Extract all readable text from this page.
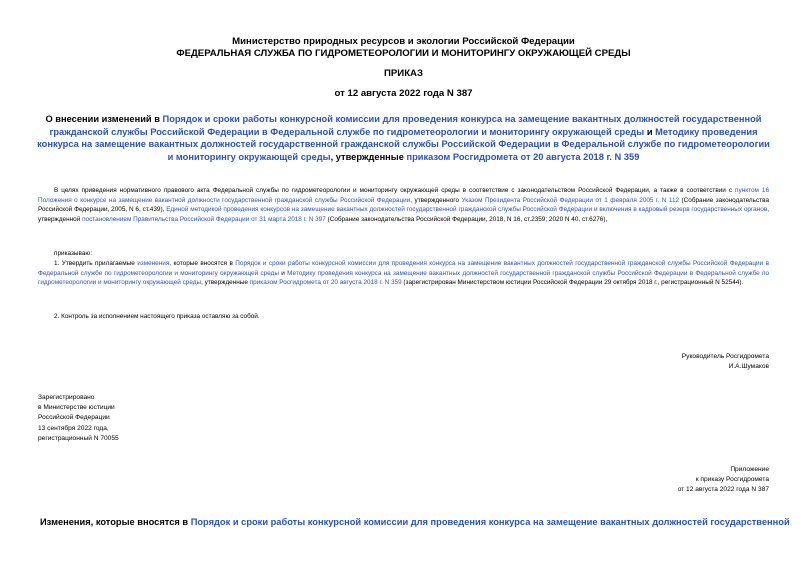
Министерство природных ресурсов и экологии Российской Федерации
ФЕДЕРАЛЬНАЯ СЛУЖБА ПО ГИДРОМЕТЕОРОЛОГИИ И МОНИТОРИНГУ ОКРУЖАЮЩЕЙ СРЕДЫ
ПРИКАЗ
от 12 августа 2022 года N 387
О внесении изменений в Порядок и сроки работы конкурсной комиссии для проведения конкурса на замещение вакантных должностей государственной гражданской службы Российской Федерации в Федеральной службе по гидрометеорологии и мониторингу окружающей среды и Методику проведения конкурса на замещение вакантных должностей государственной гражданской службы Российской Федерации в Федеральной службе по гидрометеорологии и мониторингу окружающей среды, утвержденные приказом Росгидромета от 20 августа 2018 г. N 359
В целях приведения нормативного правового акта Федеральной службы по гидрометеорологии и мониторингу окружающей среды в соответствие с законодательством Российской Федерации, а также в соответствии с пунктом 16 Положения о конкурсе на замещение вакантной должности государственной гражданской службы Российской Федерации, утвержденного Указом Президента Российской Федерации от 1 февраля 2005 г. N 112 (Собрание законодательства Российской Федерации, 2005, N 6, ст.439), Единой методикой проведения конкурсов на замещение вакантных должностей государственной гражданской службы Российской Федерации и включения в кадровый резерв государственных органов, утвержденной постановлением Правительства Российской Федерации от 31 марта 2018 г. N 397 (Собрание законодательства Российской Федерации, 2018, N 16, ст.2359; 2020 N 40, ст.6276),
приказываю:
1. Утвердить прилагаемые изменения, которые вносятся в Порядок и сроки работы конкурсной комиссии для проведения конкурса на замещение вакантных должностей государственной гражданской службы Российской Федерации в Федеральной службе по гидрометеорологии и мониторингу окружающей среды и Методику проведения конкурса на замещение вакантных должностей государственной гражданской службы Российской Федерации в Федеральной службе по гидрометеорологии и мониторингу окружающей среды, утвержденные приказом Росгидромета от 20 августа 2018 г. N 359 (зарегистрирован Министерством юстиции Российской Федерации 29 октября 2018 г., регистрационный N 52544).
2. Контроль за исполнением настоящего приказа оставляю за собой.
Руководитель Росгидромета
И.А.Шумаков
Зарегистрировано
в Министерстве юстиции
Российской Федерации
13 сентября 2022 года,
регистрационный N 70055
Приложение
к приказу Росгидромета
от 12 августа 2022 года N 387
Изменения, которые вносятся в Порядок и сроки работы конкурсной комиссии для проведения конкурса на замещение вакантных должностей государственной
